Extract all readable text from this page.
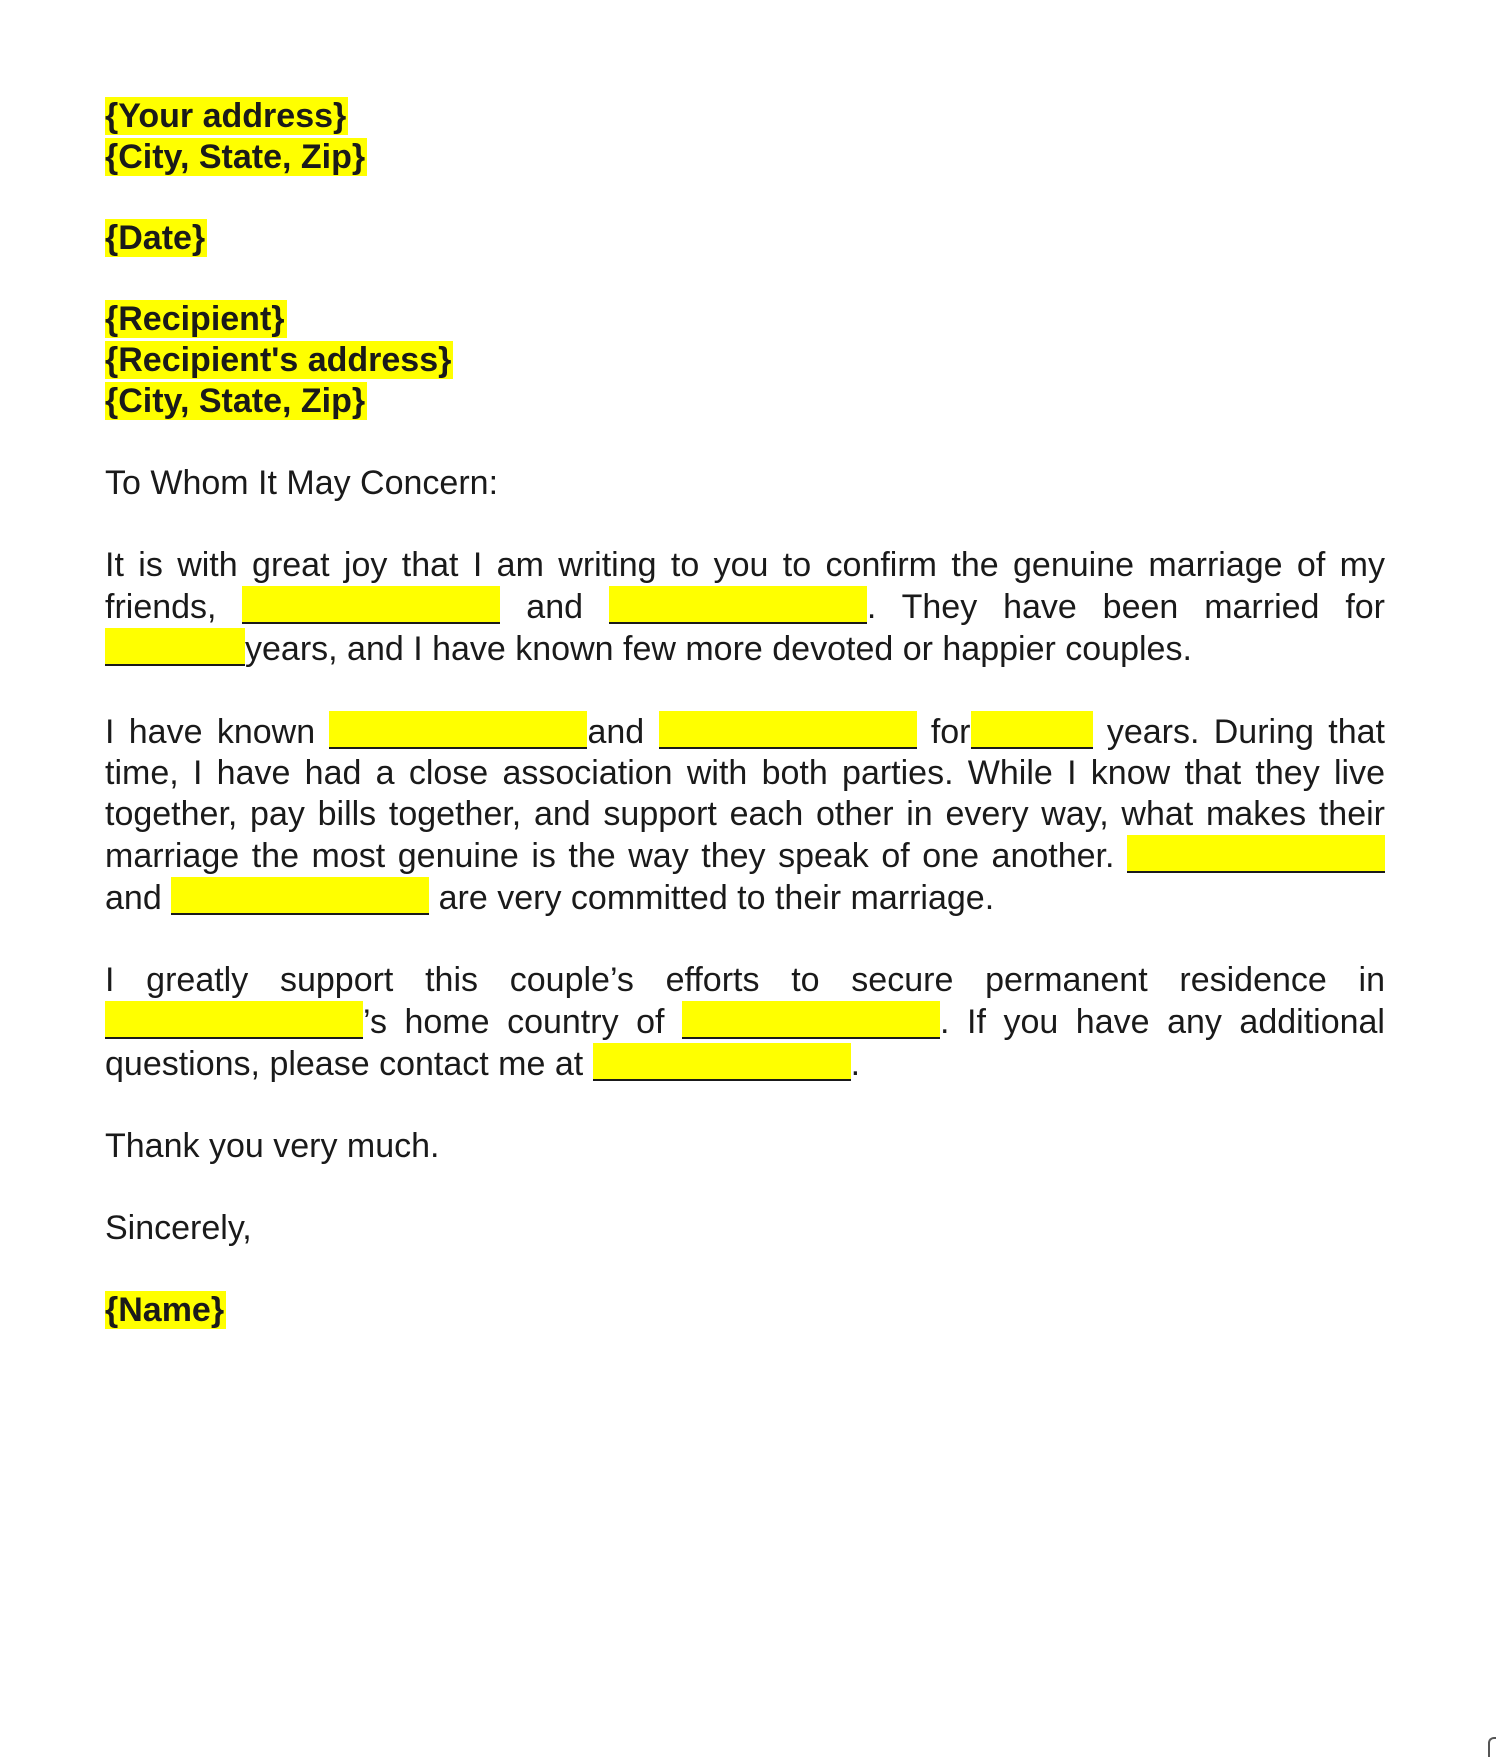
{Your address}
{City, State, Zip}
{Date}
{Recipient}
{Recipient's address}
{City, State, Zip}

To Whom It May Concern:

It is with great joy that I am writing to you to confirm the genuine marriage of my friends,	and	. They have been married for years, and I have known few more devoted or happier couples.

I have known	and	for	years. During that time, I have had a close association with both parties. While I know that they live together, pay bills together, and support each other in every way, what makes their marriage the most genuine is the way they speak of one another.  and	are very committed to their marriage.

I greatly support this couple’s efforts to secure permanent residence in ’s home country of	. If you have any additional questions, please contact me at	.

Thank you very much.

Sincerely,

{Name}
